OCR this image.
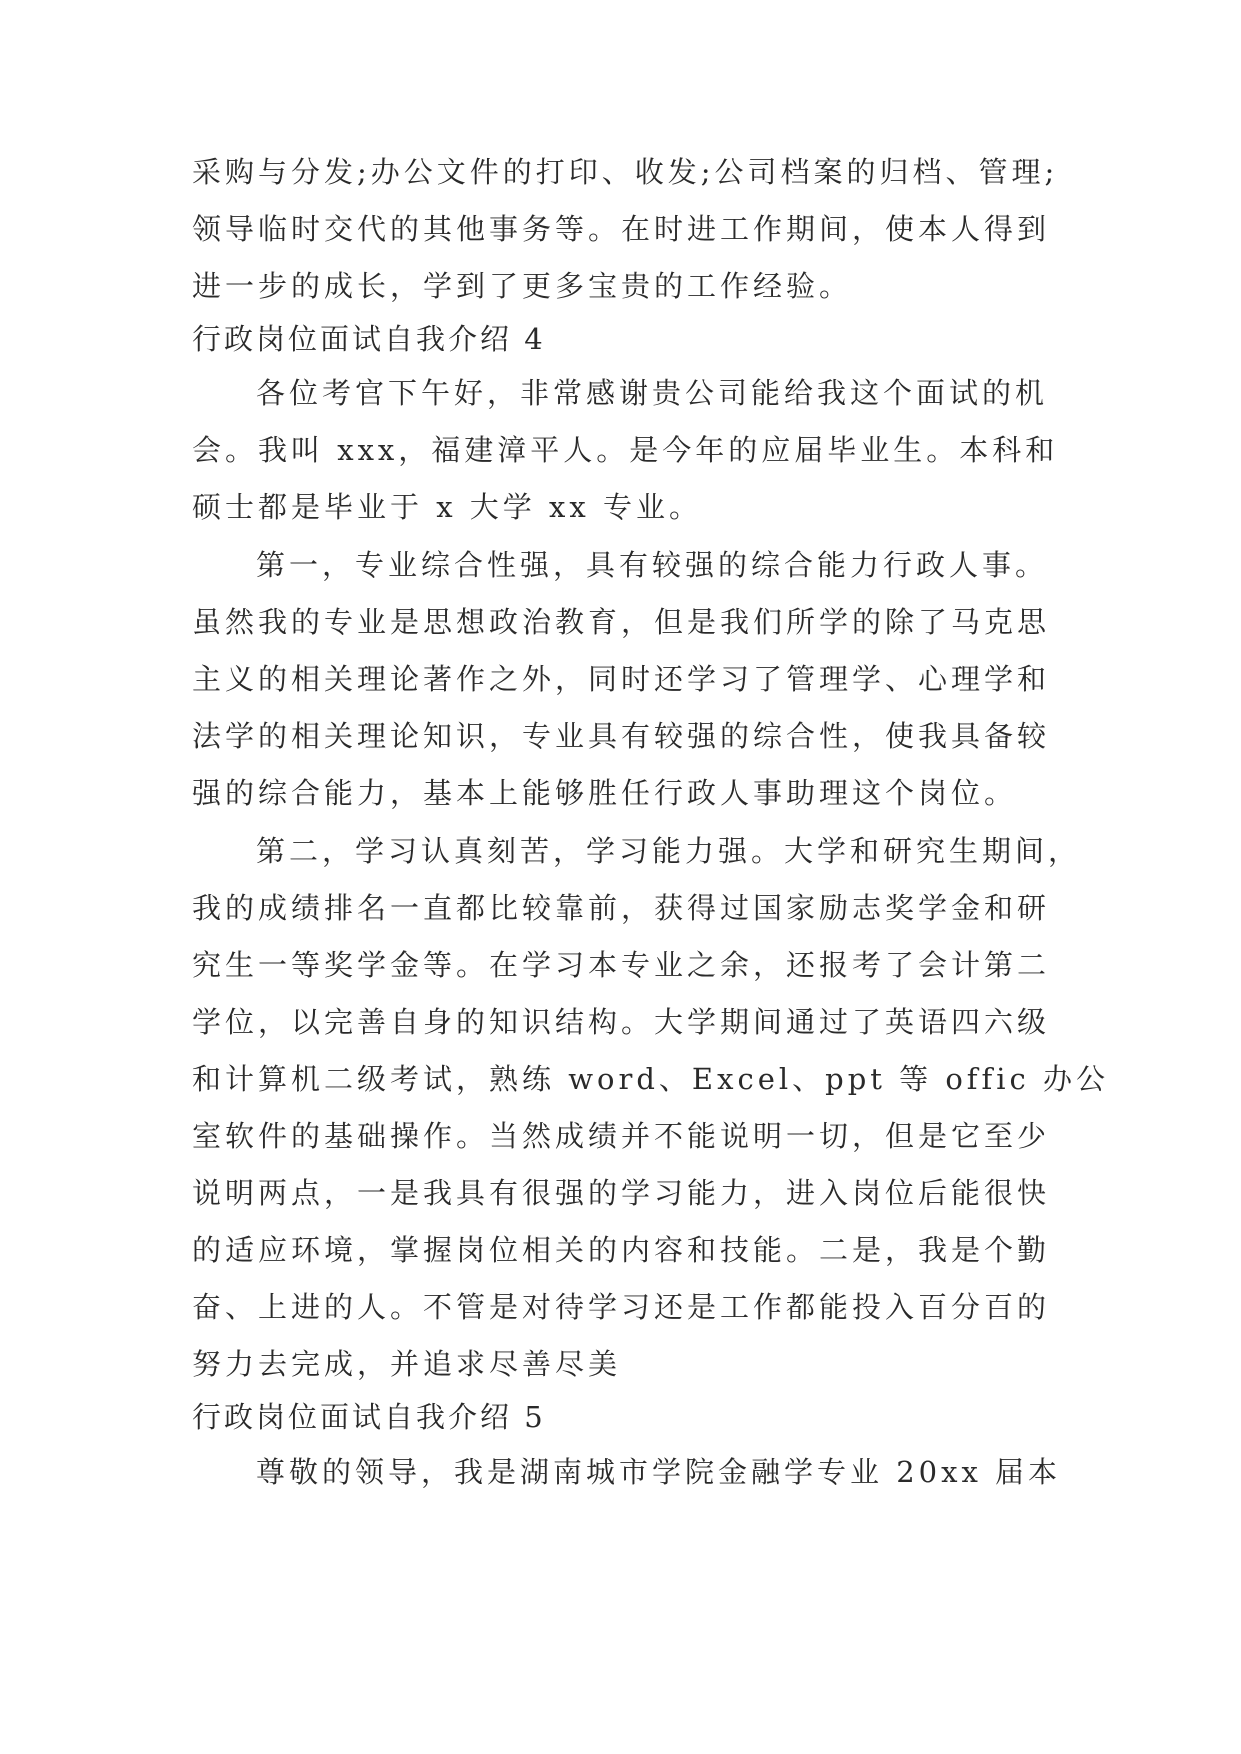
采购与分发;办公文件的打印、收发;公司档案的归档、管理;
领导临时交代的其他事务等。在时进工作期间，使本人得到
进一步的成长，学到了更多宝贵的工作经验。
行政岗位面试自我介绍 4
各位考官下午好，非常感谢贵公司能给我这个面试的机
会。我叫 xxx，福建漳平人。是今年的应届毕业生。本科和
硕士都是毕业于 x 大学 xx 专业。
第一，专业综合性强，具有较强的综合能力行政人事。
虽然我的专业是思想政治教育，但是我们所学的除了马克思
主义的相关理论著作之外，同时还学习了管理学、心理学和
法学的相关理论知识，专业具有较强的综合性，使我具备较
强的综合能力，基本上能够胜任行政人事助理这个岗位。
第二，学习认真刻苦，学习能力强。大学和研究生期间，
我的成绩排名一直都比较靠前，获得过国家励志奖学金和研
究生一等奖学金等。在学习本专业之余，还报考了会计第二
学位，以完善自身的知识结构。大学期间通过了英语四六级
和计算机二级考试，熟练 word、Excel、ppt 等 offic 办公
室软件的基础操作。当然成绩并不能说明一切，但是它至少
说明两点，一是我具有很强的学习能力，进入岗位后能很快
的适应环境，掌握岗位相关的内容和技能。二是，我是个勤
奋、上进的人。不管是对待学习还是工作都能投入百分百的
努力去完成，并追求尽善尽美
行政岗位面试自我介绍 5
尊敬的领导，我是湖南城市学院金融学专业 20xx 届本
